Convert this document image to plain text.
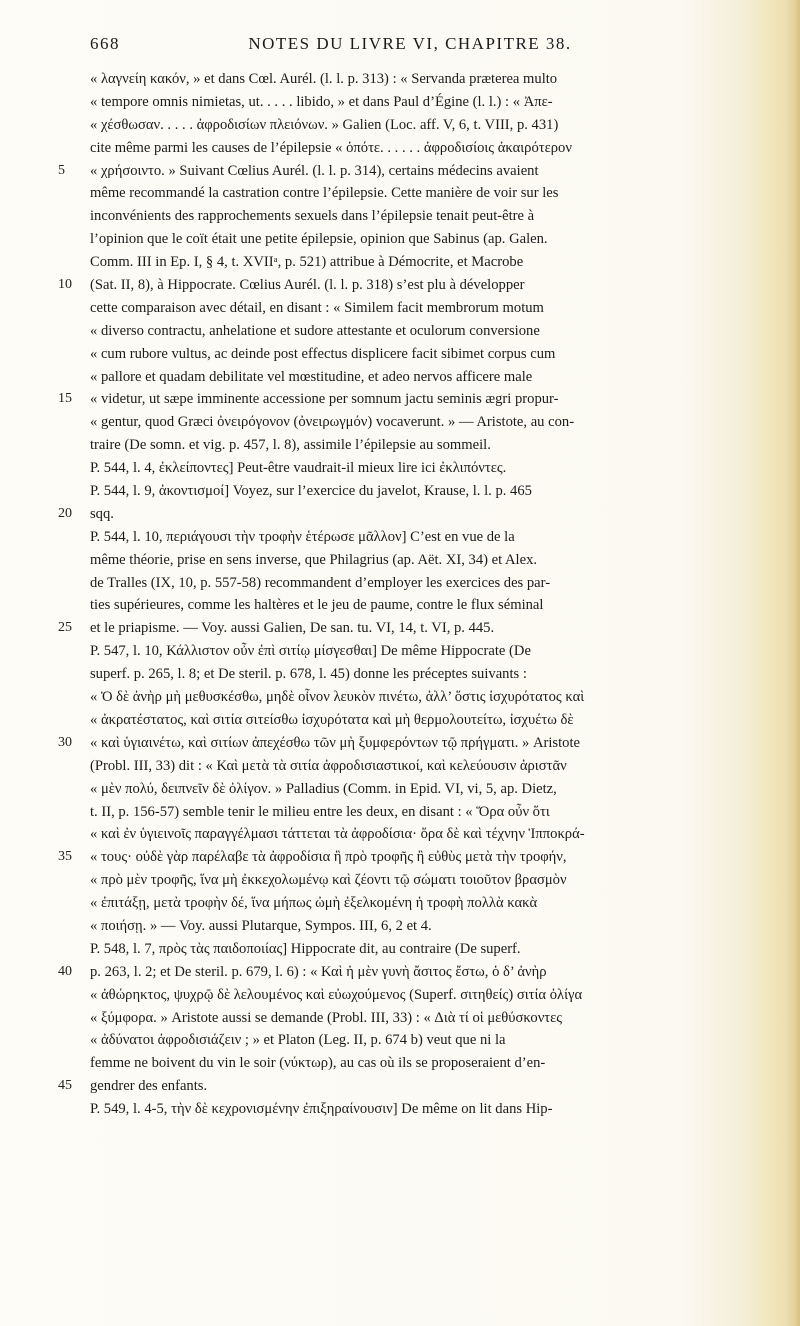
668	NOTES DU LIVRE VI, CHAPITRE 38.
« λαγνείη κακόν, » et dans Cœl. Aurél. (l. l. p. 313) : « Servanda præterea multo
« tempore omnis nimietas, ut. . . . . libido, » et dans Paul d’Égine (l. l.) : « Ἀπε-
« χέσθωσαν. . . . . ἀφροδισίων πλειόνων. » Galien (Loc. aff. V, 6, t. VIII, p. 431)
cite même parmi les causes de l’épilepsie « ὁπότε. . . . . . ἀφροδισίοις ἀκαιρότερον
5	« χρήσοιντο. » Suivant Cœlius Aurél. (l. l. p. 314), certains médecins avaient
même recommandé la castration contre l’épilepsie. Cette manière de voir sur les
inconvénients des rapprochements sexuels dans l’épilepsie tenait peut-être à
l’opinion que le coït était une petite épilepsie, opinion que Sabinus (ap. Galen.
Comm. III in Ep. I, § 4, t. XVIIᵃ, p. 521) attribue à Démocrite, et Macrobe
10	(Sat. II, 8), à Hippocrate. Cœlius Aurél. (l. l. p. 318) s’est plu à développer
cette comparaison avec détail, en disant : « Similem facit membrorum motum
« diverso contractu, anhelatione et sudore attestante et oculorum conversione
« cum rubore vultus, ac deinde post effectus displicere facit sibimet corpus cum
« pallore et quadam debilitate vel mœstitudine, et adeo nervos afficere male
15	« videtur, ut sæpe imminente accessione per somnum jactu seminis ægri propur-
« gentur, quod Græci ὀνειρόγονον (ὀνειρωγμόν) vocaverunt. » — Aristote, au con-
traire (De somn. et vig. p. 457, l. 8), assimile l’épilepsie au sommeil.
P. 544, l. 4, ἐκλείποντες] Peut-être vaudrait-il mieux lire ici ἐκλιπόντες.
P. 544, l. 9, ἀκοντισμοί] Voyez, sur l’exercice du javelot, Krause, l. l. p. 465
20	sqq.
P. 544, l. 10, περιάγουσι τὴν τροφὴν ἑτέρωσε μᾶλλον] C’est en vue de la
même théorie, prise en sens inverse, que Philagrius (ap. Aët. XI, 34) et Alex.
de Tralles (IX, 10, p. 557-58) recommandent d’employer les exercices des par-
ties supérieures, comme les haltères et le jeu de paume, contre le flux séminal
25	et le priapisme. — Voy. aussi Galien, De san. tu. VI, 14, t. VI, p. 445.
P. 547, l. 10, Κάλλιστον οὖν ἐπὶ σιτίῳ μίσγεσθαι] De même Hippocrate (De
superf. p. 265, l. 8; et De steril. p. 678, l. 45) donne les préceptes suivants :
« Ὁ δὲ ἀνὴρ μὴ μεθυσκέσθω, μηδὲ οἶνον λευκὸν πινέτω, ἀλλ’ ὅστις ἰσχυρότατος καὶ
« ἀκρατέστατος, καὶ σιτία σιτείσθω ἰσχυρότατα καὶ μὴ θερμολουτείτω, ἰσχυέτω δὲ
30	« καὶ ὑγιαινέτω, καὶ σιτίων ἀπεχέσθω τῶν μὴ ξυμφερόντων τῷ πρήγματι. » Aristote
(Probl. III, 33) dit : « Καὶ μετὰ τὰ σιτία ἀφροδισιαστικοί, καὶ κελεύουσιν ἀριστᾶν
« μὲν πολύ, δειπνεῖν δὲ ὀλίγον. » Palladius (Comm. in Epid. VI, vi, 5, ap. Dietz,
t. II, p. 156-57) semble tenir le milieu entre les deux, en disant : « Ὅρα οὖν ὅτι
« καὶ ἐν ὑγιεινοῖς παραγγέλμασι τάττεται τὰ ἀφροδίσια· ὅρα δὲ καὶ τέχνην Ἱπποκρά-
35	« τους· οὐδὲ γὰρ παρέλαβε τὰ ἀφροδίσια ἢ πρὸ τροφῆς ἢ εὐθὺς μετὰ τὴν τροφήν,
« πρὸ μὲν τροφῆς, ἵνα μὴ ἐκκεχολωμένῳ καὶ ζέοντι τῷ σώματι τοιοῦτον βρασμὸν
« ἐπιτάξῃ, μετὰ τροφὴν δέ, ἵνα μήπως ὠμὴ ἐξελκομένη ἡ τροφὴ πολλὰ κακὰ
« ποιήσῃ. » — Voy. aussi Plutarque, Sympos. III, 6, 2 et 4.
P. 548, l. 7, πρὸς τὰς παιδοποιίας] Hippocrate dit, au contraire (De superf.
40	p. 263, l. 2; et De steril. p. 679, l. 6) : « Καὶ ἡ μὲν γυνὴ ἄσιτος ἔστω, ὁ δ’ ἀνὴρ
« ἀθώρηκτος, ψυχρῷ δὲ λελουμένος καὶ εὐωχούμενος (Superf. σιτηθείς) σιτία ὀλίγα
« ξύμφορα. » Aristote aussi se demande (Probl. III, 33) : « Διὰ τί οἱ μεθύσκοντες
« ἀδύνατοι ἀφροδισιάζειν ; » et Platon (Leg. II, p. 674 b) veut que ni la
femme ne boivent du vin le soir (νύκτωρ), au cas où ils se proposeraient d’en-
45	gendrer des enfants.
P. 549, l. 4-5, τὴν δὲ κεχρονισμένην ἐπιξηραίνουσιν] De même on lit dans Hip-
